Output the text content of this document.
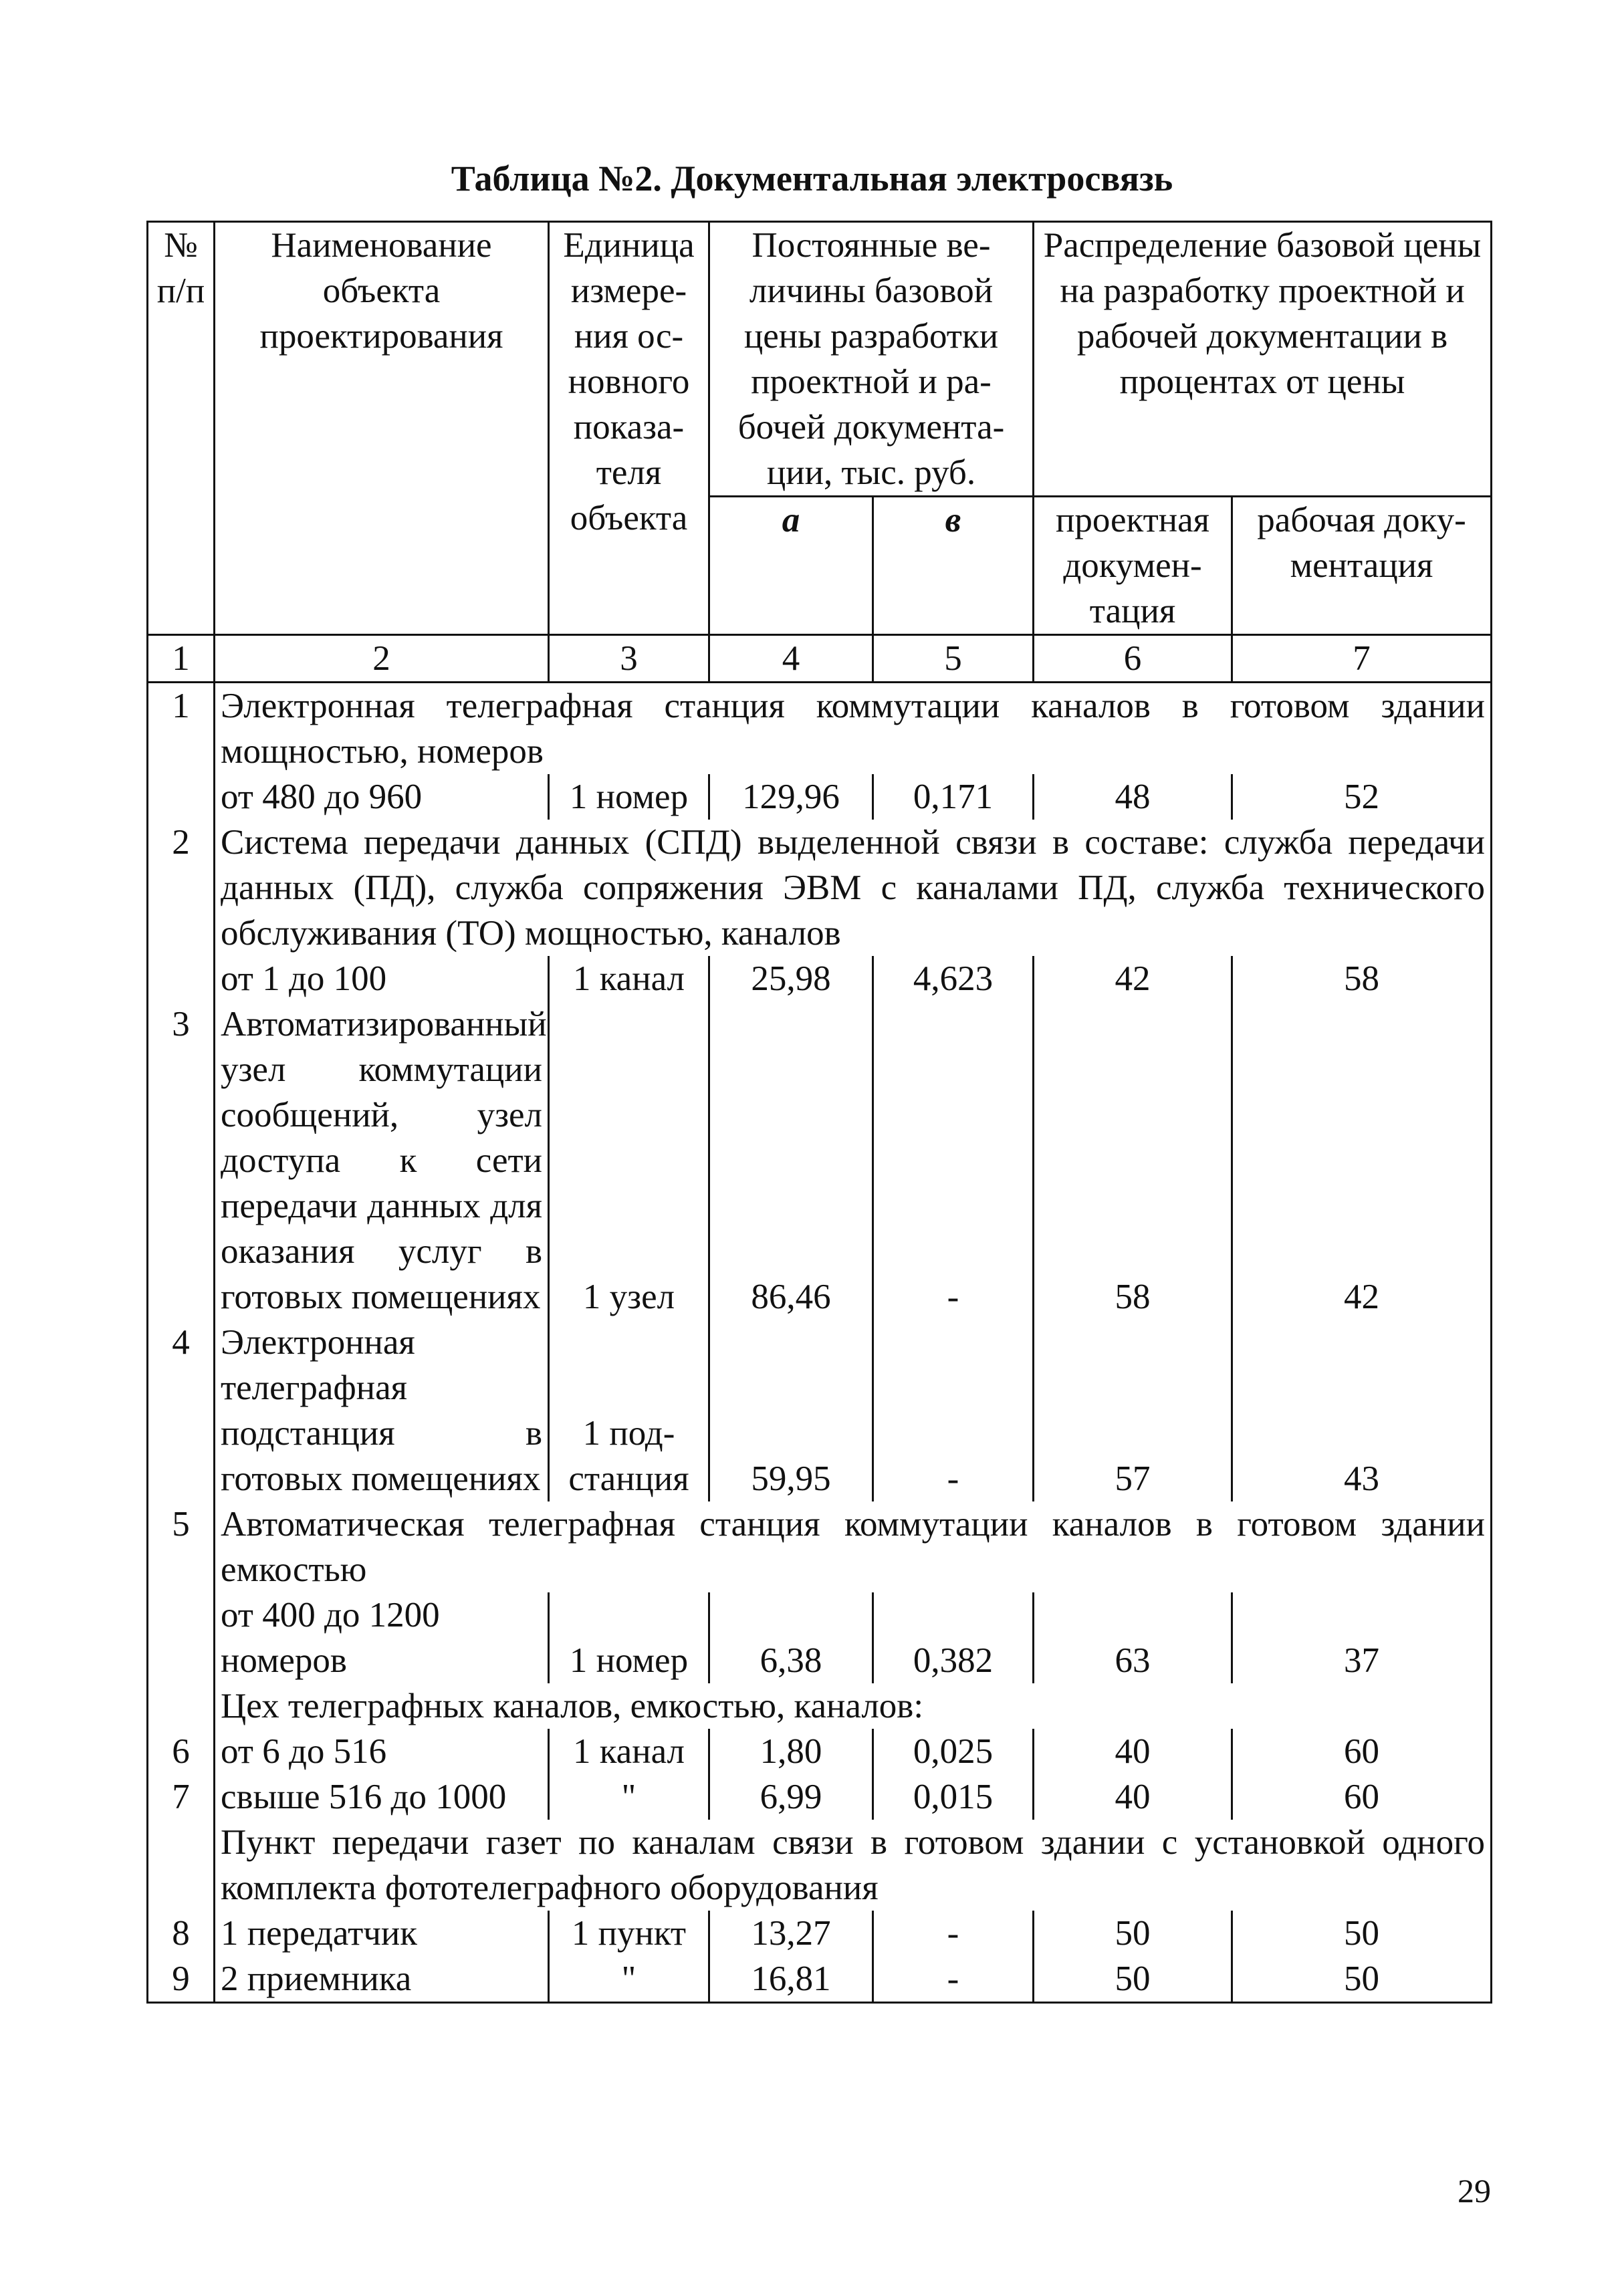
Таблица №2. Документальная электросвязь
№ п/п	Наименование объекта проектирования	Единица измере-ния ос-новного показа-теля объекта	Постоянные ве-личины базовой цены разработки проектной и ра-бочей документа-ции, тыс. руб.		Распределение базовой цены на разработку проектной и рабочей документации в процентах от цены	
			а	в	проектная докумен-тация	рабочая доку-ментация
1	2	3	4	5	6	7
1	Электронная телеграфная станция коммутации каналов в готовом здании мощностью, номеров					
	от 480 до 960	1 номер	129,96	0,171	48	52
2	Система передачи данных (СПД) выделенной связи в составе: служба передачи данных (ПД), служба сопряжения ЭВМ с каналами ПД, служба технического обслуживания (ТО) мощностью, каналов					
	от 1 до 100	1 канал	25,98	4,623	42	58
3	Автоматизированный узел коммутации сообщений, узел доступа к сети передачи данных для оказания услуг в готовых помещениях	1 узел	86,46	-	58	42
4	Электронная телеграфная подстанция в готовых помещениях	1 под-станция	59,95	-	57	43
5	Автоматическая телеграфная станция коммутации каналов в готовом здании емкостью					
	от 400 до 1200 номеров	1 номер	6,38	0,382	63	37
	Цех телеграфных каналов, емкостью, каналов:					
6	от 6 до 516	1 канал	1,80	0,025	40	60
7	свыше 516 до 1000	"	6,99	0,015	40	60
	Пункт передачи газет по каналам связи в готовом здании с установкой одного комплекта фототелеграфного оборудования					
8	1 передатчик	1 пункт	13,27	-	50	50
9	2 приемника	"	16,81	-	50	50
29
